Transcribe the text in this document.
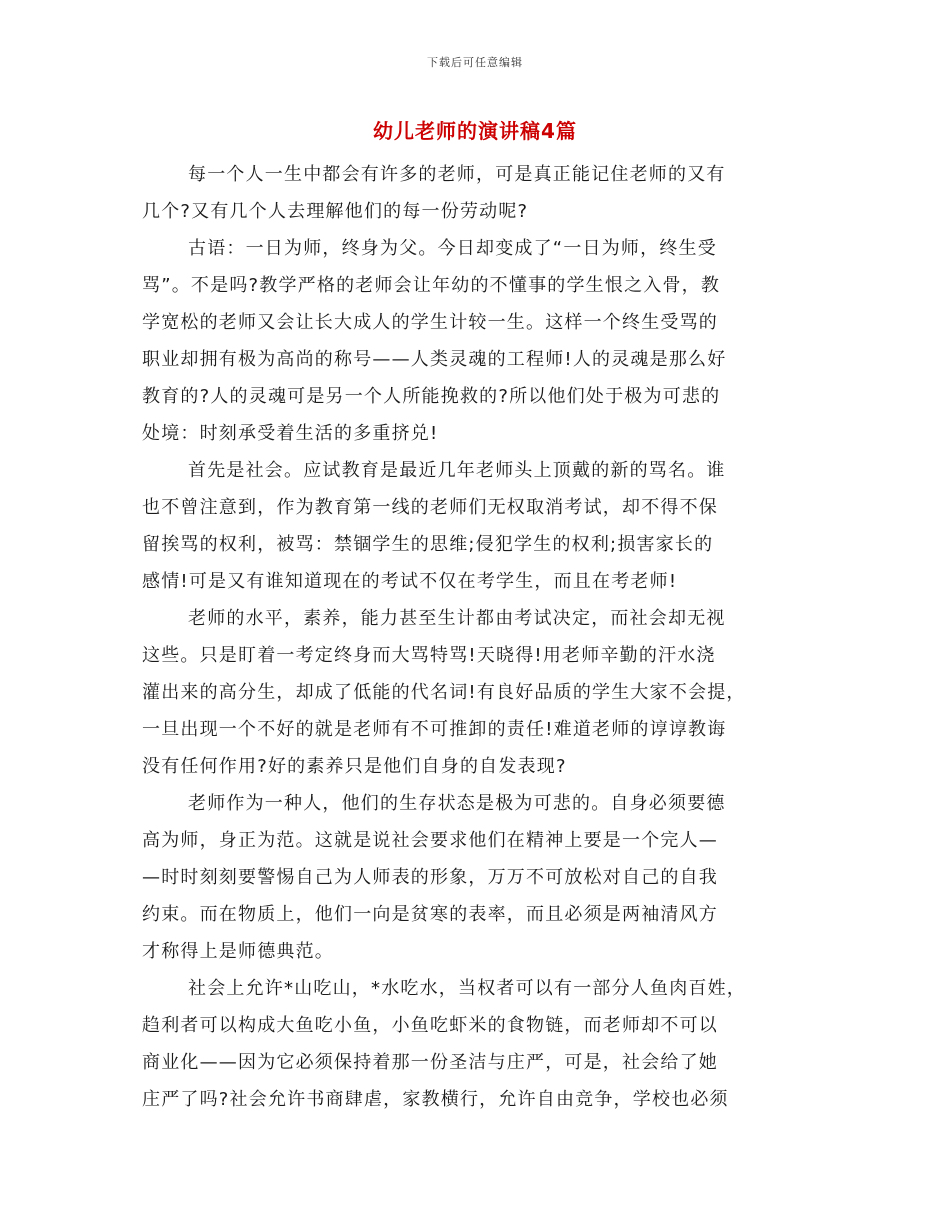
下载后可任意编辑
幼儿老师的演讲稿4篇
每一个人一生中都会有许多的老师，可是真正能记住老师的又有
几个?又有几个人去理解他们的每一份劳动呢?
古语：一日为师，终身为父。今日却变成了“一日为师，终生受
骂”。不是吗?教学严格的老师会让年幼的不懂事的学生恨之入骨，教
学宽松的老师又会让长大成人的学生计较一生。这样一个终生受骂的
职业却拥有极为高尚的称号——人类灵魂的工程师!人的灵魂是那么好
教育的?人的灵魂可是另一个人所能挽救的?所以他们处于极为可悲的
处境：时刻承受着生活的多重挤兑!
首先是社会。应试教育是最近几年老师头上顶戴的新的骂名。谁
也不曾注意到，作为教育第一线的老师们无权取消考试，却不得不保
留挨骂的权利，被骂：禁锢学生的思维;侵犯学生的权利;损害家长的
感情!可是又有谁知道现在的考试不仅在考学生，而且在考老师!
老师的水平，素养，能力甚至生计都由考试决定，而社会却无视
这些。只是盯着一考定终身而大骂特骂!天晓得!用老师辛勤的汗水浇
灌出来的高分生，却成了低能的代名词!有良好品质的学生大家不会提，
一旦出现一个不好的就是老师有不可推卸的责任!难道老师的谆谆教诲
没有任何作用?好的素养只是他们自身的自发表现?
老师作为一种人，他们的生存状态是极为可悲的。自身必须要德
高为师，身正为范。这就是说社会要求他们在精神上要是一个完人—
—时时刻刻要警惕自己为人师表的形象，万万不可放松对自己的自我
约束。而在物质上，他们一向是贫寒的表率，而且必须是两袖清风方
才称得上是师德典范。
社会上允许*山吃山，*水吃水，当权者可以有一部分人鱼肉百姓，
趋利者可以构成大鱼吃小鱼，小鱼吃虾米的食物链，而老师却不可以
商业化——因为它必须保持着那一份圣洁与庄严，可是，社会给了她
庄严了吗?社会允许书商肆虐，家教横行，允许自由竞争，学校也必须
